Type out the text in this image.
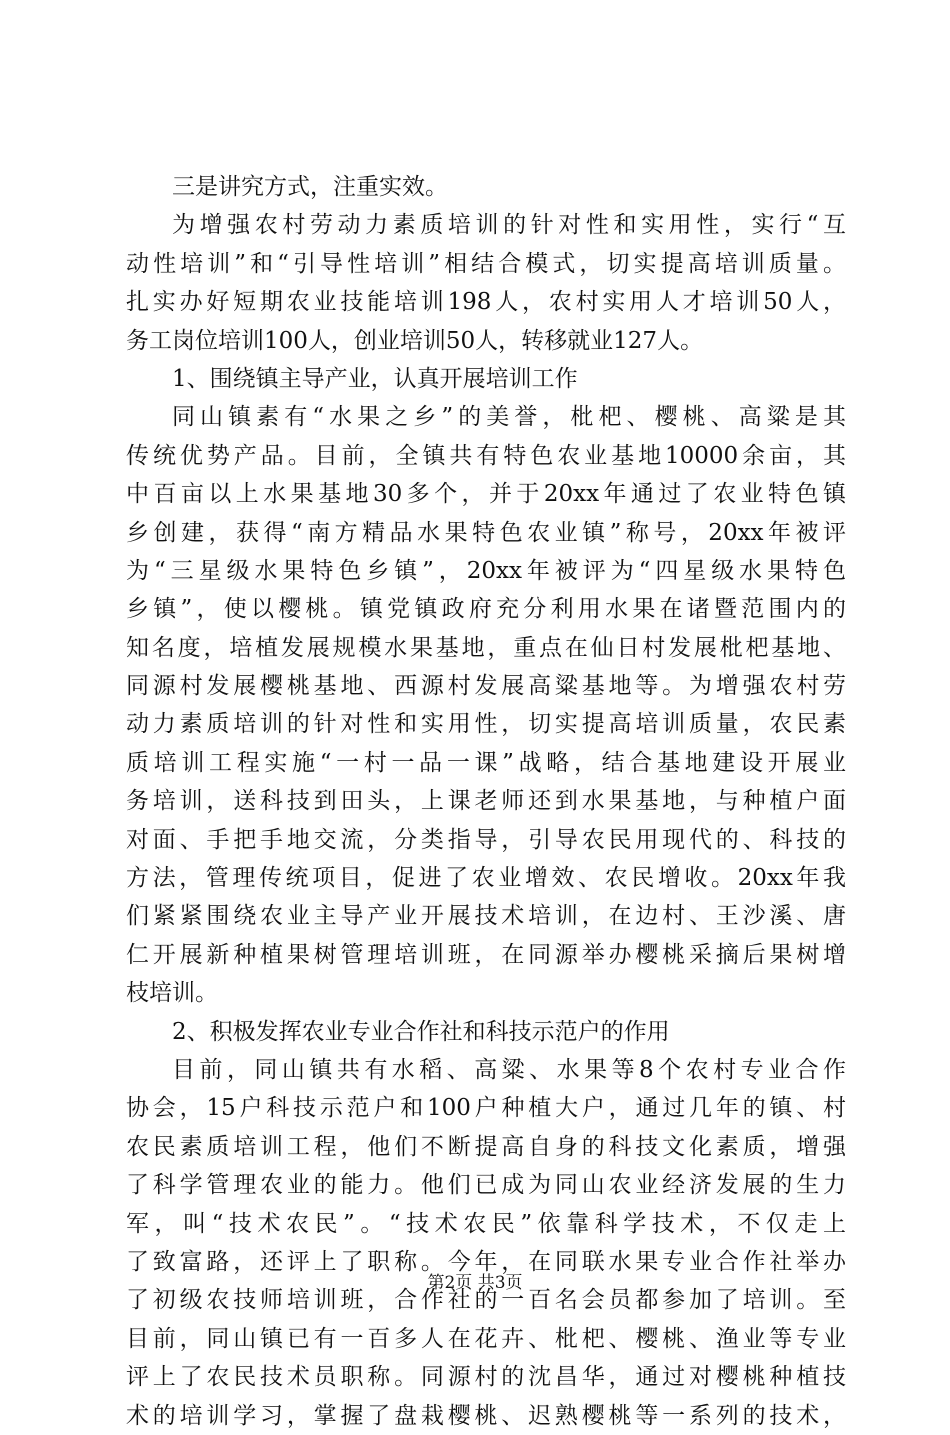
三是讲究方式，注重实效。
为增强农村劳动力素质培训的针对性和实用性，实行“互
动性培训”和“引导性培训”相结合模式，切实提高培训质量。
扎实办好短期农业技能培训198人，农村实用人才培训50人，
务工岗位培训100人，创业培训50人，转移就业127人。
1、围绕镇主导产业，认真开展培训工作
同山镇素有“水果之乡”的美誉，枇杷、樱桃、高粱是其
传统优势产品。目前，全镇共有特色农业基地10000余亩，其
中百亩以上水果基地30多个，并于20xx年通过了农业特色镇
乡创建，获得“南方精品水果特色农业镇”称号，20xx年被评
为“三星级水果特色乡镇”，20xx年被评为“四星级水果特色
乡镇”，使以樱桃。镇党镇政府充分利用水果在诸暨范围内的
知名度，培植发展规模水果基地，重点在仙日村发展枇杷基地、
同源村发展樱桃基地、西源村发展高粱基地等。为增强农村劳
动力素质培训的针对性和实用性，切实提高培训质量，农民素
质培训工程实施“一村一品一课”战略，结合基地建设开展业
务培训，送科技到田头，上课老师还到水果基地，与种植户面
对面、手把手地交流，分类指导，引导农民用现代的、科技的
方法，管理传统项目，促进了农业增效、农民增收。20xx年我
们紧紧围绕农业主导产业开展技术培训，在边村、王沙溪、唐
仁开展新种植果树管理培训班，在同源举办樱桃采摘后果树增
枝培训。
2、积极发挥农业专业合作社和科技示范户的作用
目前，同山镇共有水稻、高粱、水果等8个农村专业合作
协会，15户科技示范户和100户种植大户，通过几年的镇、村
农民素质培训工程，他们不断提高自身的科技文化素质，增强
了科学管理农业的能力。他们已成为同山农业经济发展的生力
军，叫“技术农民”。“技术农民”依靠科学技术，不仅走上
了致富路，还评上了职称。今年，在同联水果专业合作社举办
了初级农技师培训班，合作社的一百名会员都参加了培训。至
目前，同山镇已有一百多人在花卉、枇杷、樱桃、渔业等专业
评上了农民技术员职称。同源村的沈昌华，通过对樱桃种植技
术的培训学习，掌握了盘栽樱桃、迟熟樱桃等一系列的技术，
第2页 共3页
